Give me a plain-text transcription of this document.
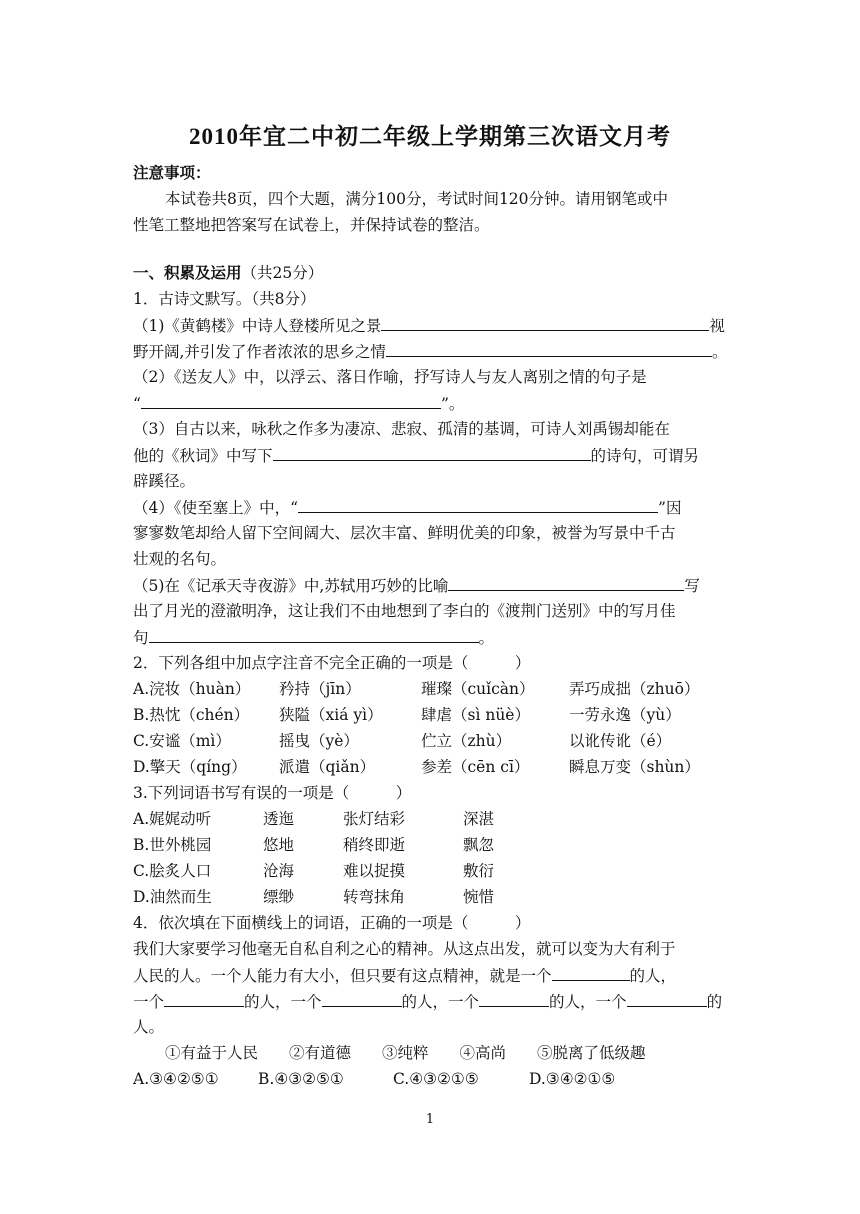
2010年宜二中初二年级上学期第三次语文月考
注意事项：
本试卷共8页，四个大题，满分100分，考试时间120分钟。请用钢笔或中
性笔工整地把答案写在试卷上，并保持试卷的整洁。
一、积累及运用（共25分）
1．古诗文默写。（共8分）
（1)《黄鹤楼》中诗人登楼所见之景	视
野开阔,并引发了作者浓浓的思乡之情	。
（2）《送友人》中，以浮云、落日作喻，抒写诗人与友人离别之情的句子是
“	”。
（3）自古以来，咏秋之作多为凄凉、悲寂、孤清的基调，可诗人刘禹锡却能在
他的《秋词》中写下	的诗句，可谓另
辟蹊径。
（4）《使至塞上》中，“	”因
寥寥数笔却给人留下空间阔大、层次丰富、鲜明优美的印象，被誉为写景中千古
壮观的名句。
（5)在《记承天寺夜游》中,苏轼用巧妙的比喻	写
出了月光的澄澈明净，这让我们不由地想到了李白的《渡荆门送别》中的写月佳
句	。
2．下列各组中加点字注音不完全正确的一项是（　　　）
A.浣妆（huàn）	矜持（jīn）	璀璨（cuǐcàn）	弄巧成拙（zhuō）
B.热忱（chén）	狭隘（xiá yì）	肆虐（sì nüè）	一劳永逸（yù）
C.安谧（mì）	摇曳（yè）	伫立（zhù）	以讹传讹（é）
D.擎天（qíng）	派遣（qiǎn）	参差（cēn cī）	瞬息万变（shùn）
3.下列词语书写有误的一项是（　　　）
A.娓娓动听	透迤	张灯结彩	深湛
B.世外桃园	悠地	稍终即逝	飘忽
C.脍炙人口	沧海	难以捉摸	敷衍
D.油然而生	缥缈	转弯抹角	惋惜
4．依次填在下面横线上的词语，正确的一项是（　　　）
我们大家要学习他毫无自私自利之心的精神。从这点出发，就可以变为大有利于
人民的人。一个人能力有大小，但只要有这点精神，就是一个	的人，
一个	的人，一个	的人，一个	的人，一个	的
人。
①有益于人民　　②有道德　　③纯粹　　④高尚　　⑤脱离了低级趣
A.③④②⑤①	B.④③②⑤①	C.④③②①⑤	D.③④②①⑤
1
